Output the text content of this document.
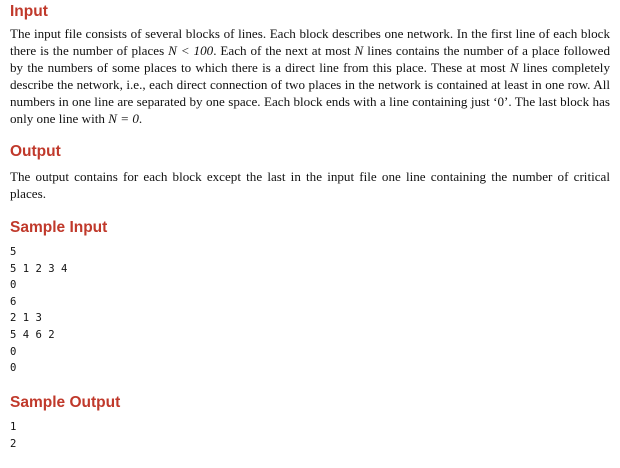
Input

The input file consists of several blocks of lines. Each block describes one network. In the first line of each block there is the number of places N < 100. Each of the next at most N lines contains the number of a place followed by the numbers of some places to which there is a direct line from this place. These at most N lines completely describe the network, i.e., each direct connection of two places in the network is contained at least in one row. All numbers in one line are separated by one space. Each block ends with a line containing just ‘0’. The last block has only one line with N = 0.

Output

The output contains for each block except the last in the input file one line containing the number of critical places.

Sample Input
5
5 1 2 3 4
0
6
2 1 3
5 4 6 2
0
0
Sample Output
1
2
